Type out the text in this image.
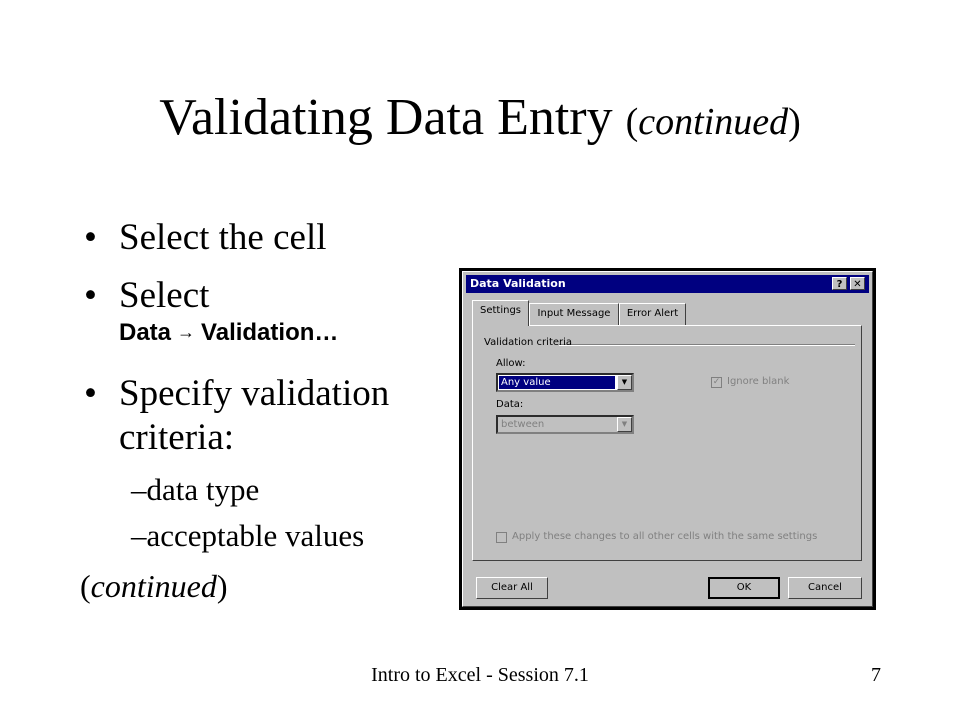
Validating Data Entry (continued)
• Select the cell
• Select
Data → Validation…
• Specify validation
criteria:
–data type
–acceptable values
(continued)
Intro to Excel - Session 7.1	7
Data Validation	?	✕
Settings	Input Message	Error Alert
Validation criteria
Allow:
Any value	▼	✓ Ignore blank
Data:
between	▼
Apply these changes to all other cells with the same settings
Clear All	OK	Cancel
